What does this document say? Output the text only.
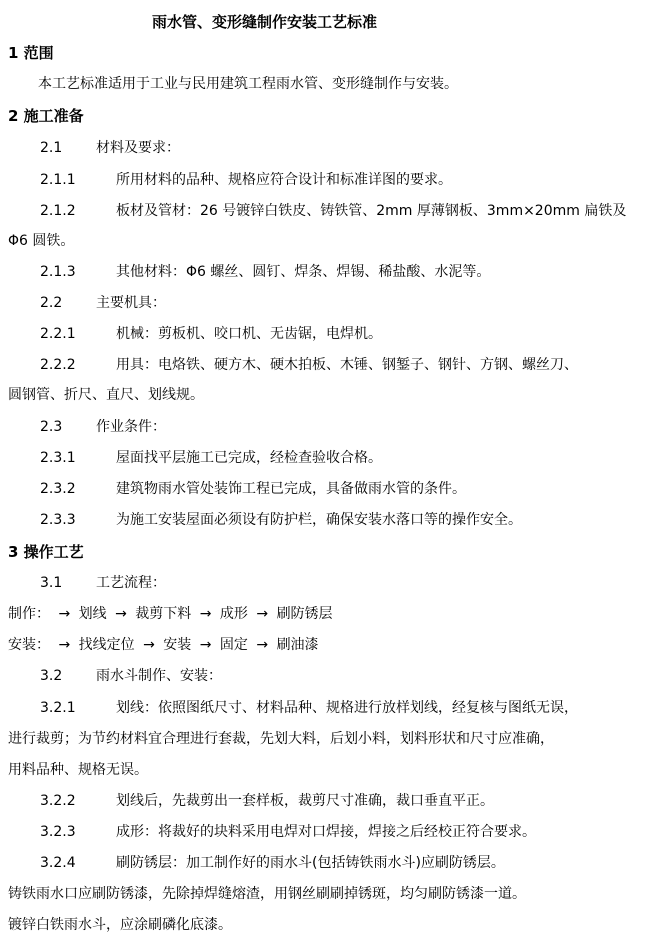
雨水管、变形缝制作安装工艺标准
1 范围
本工艺标准适用于工业与民用建筑工程雨水管、变形缝制作与安装。
2 施工准备
2.1 材料及要求：
2.1.1	所用材料的品种、规格应符合设计和标准详图的要求。
2.1.2	板材及管材：26 号镀锌白铁皮、铸铁管、2mm 厚薄钢板、3mm×20mm 扁铁及
Φ6 圆铁。
2.1.3	其他材料：Φ6 螺丝、圆钉、焊条、焊锡、稀盐酸、水泥等。
2.2 主要机具：
2.2.1	机械：剪板机、咬口机、无齿锯，电焊机。
2.2.2	用具：电烙铁、硬方木、硬木拍板、木锤、钢錾子、钢针、方钢、螺丝刀、
圆钢管、折尺、直尺、划线规。
2.3 作业条件：
2.3.1	屋面找平层施工已完成，经检查验收合格。
2.3.2	建筑物雨水管处装饰工程已完成，具备做雨水管的条件。
2.3.3	为施工安装屋面必须设有防护栏，确保安装水落口等的操作安全。
3 操作工艺
3.1 工艺流程：
制作： → 划线 → 裁剪下料 → 成形 → 刷防锈层
安装： → 找线定位 → 安装 → 固定 → 刷油漆
3.2 雨水斗制作、安装：
3.2.1	划线：依照图纸尺寸、材料品种、规格进行放样划线，经复核与图纸无误，
进行裁剪；为节约材料宜合理进行套裁，先划大料，后划小料，划料形状和尺寸应准确，
用料品种、规格无误。
3.2.2	划线后，先裁剪出一套样板，裁剪尺寸准确，裁口垂直平正。
3.2.3	成形：将裁好的块料采用电焊对口焊接，焊接之后经校正符合要求。
3.2.4	刷防锈层：加工制作好的雨水斗(包括铸铁雨水斗)应刷防锈层。
铸铁雨水口应刷防锈漆，先除掉焊缝熔渣，用钢丝刷刷掉锈斑，均匀刷防锈漆一道。
镀锌白铁雨水斗，应涂刷磷化底漆。
